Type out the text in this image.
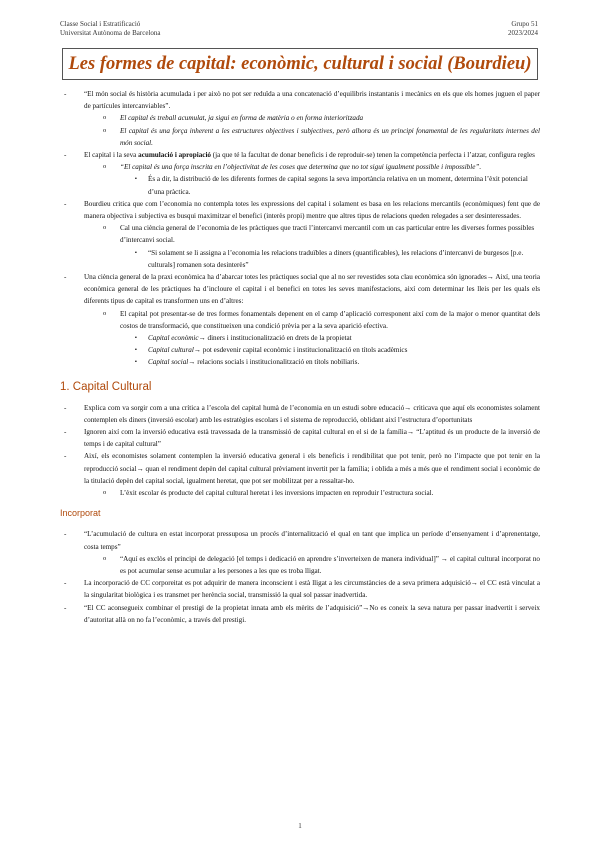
Classe Social i Estratificació
Universitat Autònoma de Barcelona
Grupo 51
2023/2024
Les formes de capital: econòmic, cultural i social (Bourdieu)
- “El món social és història acumulada i per això no pot ser reduïda a una concatenació d’equilibris instantanis i mecànics en els que els homes juguen el paper de partícules intercanviables”.
o El capital és treball acumulat, ja sigui en forma de matèria o en forma interioritzada
o El capital és una força inherent a les estructures objectives i subjectives, però alhora és un principi fonamental de les regularitats internes del món social.
- El capital i la seva acumulació i apropiació (ja que té la facultat de donar beneficis i de reproduir-se) tenen la competència perfecta i l’atzar, configura regles
o “El capital és una força inscrita en l’objectivitat de les coses que determina que no tot sigui igualment possible i impossible”.
▪ És a dir, la distribució de les diferents formes de capital segons la seva importància relativa en un moment, determina l’èxit potencial d’una pràctica.
- Bourdieu critica que com l’economia no contempla totes les expressions del capital i solament es basa en les relacions mercantils (econòmiques) fent que de manera objectiva i subjectiva es busqui maximitzar el benefici (interès propi) mentre que altres tipus de relacions queden relegades a ser desinteressades.
o Cal una ciència general de l’economia de les pràctiques que tracti l’intercanvi mercantil com un cas particular entre les diverses formes possibles d’intercanvi social.
▪ “Si solament se li assigna a l’economia les relacions traduïbles a diners (quantificables), les relacions d’intercanvi de burgesos [p.e. culturals] romanen sota desinterès”
- Una ciència general de la praxi econòmica ha d’abarcar totes les pràctiques social que al no ser revestides sota clau econòmica són ignorades→ Així, una teoria econòmica general de les pràctiques ha d’incloure el capital i el benefici en totes les seves manifestacions, així com determinar les lleis per les quals els diferents tipus de capital es transformen uns en d’altres:
o El capital pot presentar-se de tres formes fonamentals depenent en el camp d’aplicació corresponent així com de la major o menor quantitat dels costos de transformació, que constitueixen una condició prèvia per a la seva aparició efectiva.
▪ Capital econòmic→ diners i institucionalització en drets de la propietat
▪ Capital cultural→ pot esdevenir capital econòmic i institucionalització en títols acadèmics
▪ Capital social→ relacions socials i institucionalització en títols nobiliaris.
1. Capital Cultural
- Explica com va sorgir com a una crítica a l’escola del capital humà de l’economia en un estudi sobre educació→ criticava que aquí els economistes solament contemplen els diners (inversió escolar) amb les estratègies escolars i el sistema de reproducció, oblidant així l’estructura d’oportunitats
- Ignoren així com la inversió educativa està travessada de la transmissió de capital cultural en el si de la família→ “L’aptitud és un producte de la inversió de temps i de capital cultural”
- Així, els economistes solament contemplen la inversió educativa general i els beneficis i rendibilitat que pot tenir, però no l’impacte que pot tenir en la reproducció social→ quan el rendiment depèn del capital cultural prèviament invertit per la família; i oblida a més a més que el rendiment social i econòmic de la titulació depèn del capital social, igualment heretat, que pot ser mobilitzat per a ressaltar-ho.
o L’èxit escolar és producte del capital cultural heretat i les inversions impacten en reproduir l’estructura social.
Incorporat
- “L’acumulació de cultura en estat incorporat pressuposa un procés d’internalització el qual en tant que implica un període d’ensenyament i d’aprenentatge, costa temps”
o “Aquí es exclòs el principi de delegació [el temps i dedicació en aprendre s’inverteixen de manera individual]” → el capital cultural incorporat no es pot acumular sense acumular a les persones a les que es troba lligat.
- La incorporació de CC corporeitat es pot adquirir de manera inconscient i està lligat a les circumstàncies de a seva primera adquisició→ el CC està vinculat a la singularitat biològica i es transmet per herència social, transmissió la qual sol passar inadvertida.
- “El CC aconsegueix combinar el prestigi de la propietat innata amb els mèrits de l’adquisició”→No es coneix la seva natura per passar inadvertit i serveix d’autoritat allà on no fa l’econòmic, a través del prestigi.
1
